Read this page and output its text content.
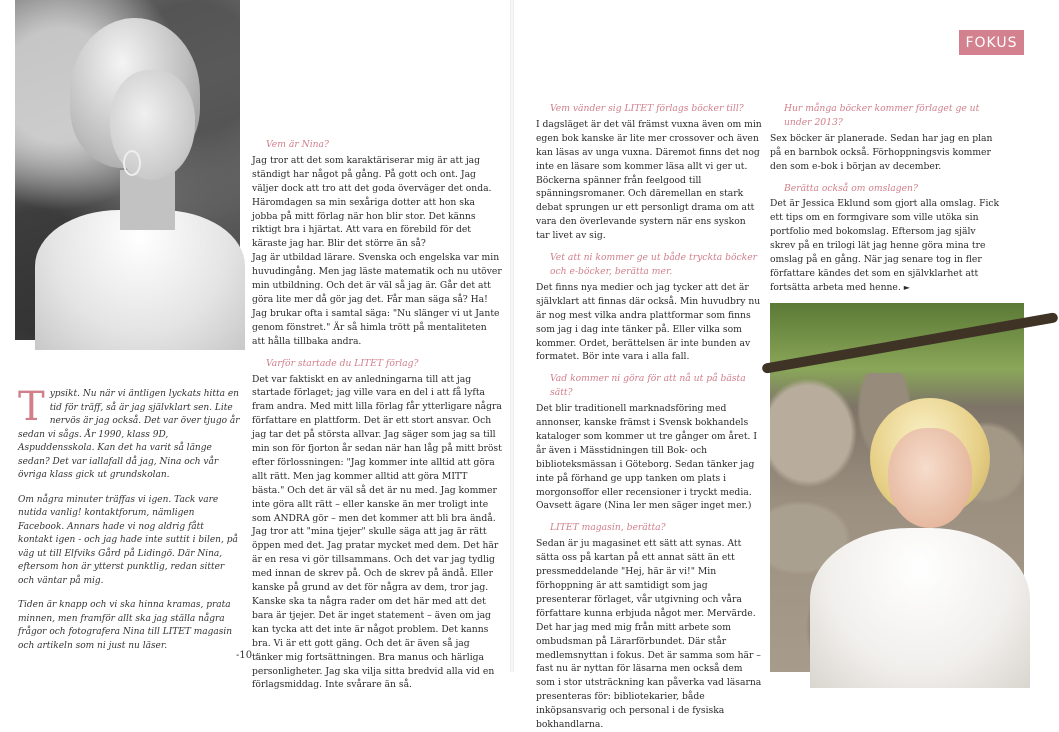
FOKUS

Typsikt. Nu när vi äntligen lyckats hitta en tid för träff, så är jag självklart sen. Lite nervös är jag också. Det var över tjugo år sedan vi sågs. År 1990, klass 9D, Aspuddensskola. Kan det ha varit så länge sedan? Det var iallafall då jag, Nina och vår övriga klass gick ut grundskolan.

Om några minuter träffas vi igen. Tack vare nutida vanlig! kontaktforum, nämligen Facebook. Annars hade vi nog aldrig fått kontakt igen - och jag hade inte suttit i bilen, på väg ut till Elfviks Gård på Lidingö. Där Nina, eftersom hon är ytterst punktlig, redan sitter och väntar på mig.

Tiden är knapp och vi ska hinna kramas, prata minnen, men framför allt ska jag ställa några frågor och fotografera Nina till LITET magasin och artikeln som ni just nu läser.

-10 -

Vem är Nina?

Jag tror att det som karaktäriserar mig är att jag ständigt har något på gång. På gott och ont. Jag väljer dock att tro att det goda överväger det onda. Häromdagen sa min sexåriga dotter att hon ska jobba på mitt förlag när hon blir stor. Det känns riktigt bra i hjärtat. Att vara en förebild för det käraste jag har. Blir det större än så?

Jag är utbildad lärare. Svenska och engelska var min huvudingång. Men jag läste matematik och nu utöver min utbildning. Och det är väl så jag är. Går det att göra lite mer då gör jag det. Får man säga så? Ha! Jag brukar ofta i samtal säga: "Nu slänger vi ut Jante genom fönstret." Är så himla trött på mentaliteten att hålla tillbaka andra.

Varför startade du LITET förlag?

Det var faktiskt en av anledningarna till att jag startade förlaget; jag ville vara en del i att få lyfta fram andra. Med mitt lilla förlag får ytterligare några författare en plattform. Det är ett stort ansvar. Och jag tar det på största allvar. Jag säger som jag sa till min son för fjorton år sedan när han låg på mitt bröst efter förlossningen: "Jag kommer inte alltid att göra allt rätt. Men jag kommer alltid att göra MITT bästa." Och det är väl så det är nu med. Jag kommer inte göra allt rätt – eller kanske än mer troligt inte som ANDRA gör – men det kommer att bli bra ändå. Jag tror att "mina tjejer" skulle säga att jag är rätt öppen med det. Jag pratar mycket med dem. Det här är en resa vi gör tillsammans. Och det var jag tydlig med innan de skrev på. Och de skrev på ändå. Eller kanske på grund av det för några av dem, tror jag.

Kanske ska ta några rader om det här med att det bara är tjejer. Det är inget statement – även om jag kan tycka att det inte är något problem. Det kanns bra. Vi är ett gott gäng. Och det är även så jag tänker mig fortsättningen. Bra manus och härliga personligheter. Jag ska vilja sitta bredvid alla vid en förlagsmiddag. Inte svårare än så.

Vem vänder sig LITET förlags böcker till?

I dagsläget är det väl främst vuxna även om min egen bok kanske är lite mer crossover och även kan läsas av unga vuxna. Däremot finns det nog inte en läsare som kommer läsa allt vi ger ut. Böckerna spänner från feelgood till spänningsromaner. Och däremellan en stark debat sprungen ur ett personligt drama om att vara den överlevande systern när ens syskon tar livet av sig.

Vet att ni kommer ge ut både tryckta böcker och e-böcker, berätta mer.

Det finns nya medier och jag tycker att det är självklart att finnas där också. Min huvudbry nu är nog mest vilka andra plattformar som finns som jag i dag inte tänker på. Eller vilka som kommer. Ordet, berättelsen är inte bunden av formatet. Bör inte vara i alla fall.

Vad kommer ni göra för att nå ut på bästa sätt?

Det blir traditionell marknadsföring med annonser, kanske främst i Svensk bokhandels kataloger som kommer ut tre gånger om året. I år även i Mässtidningen till Bok- och biblioteksmässan i Göteborg. Sedan tänker jag inte på förhand ge upp tanken om plats i morgonsoffor eller recensioner i tryckt media. Oavsett ägare (Nina ler men säger inget mer.)

LITET magasin, berätta?

Sedan är ju magasinet ett sätt att synas. Att sätta oss på kartan på ett annat sätt än ett pressmeddelande "Hej, här är vi!" Min förhoppning är att samtidigt som jag presenterar förlaget, vår utgivning och våra författare kunna erbjuda något mer. Mervärde. Det har jag med mig från mitt arbete som ombudsman på Lärarförbundet. Där står medlemsnyttan i fokus. Det är samma som här – fast nu är nyttan för läsarna men också dem som i stor utsträckning kan påverka vad läsarna presenteras för: bibliotekarier, både inköpsansvarig och personal i de fysiska bokhandlarna.

Hur många böcker kommer förlaget ge ut under 2013?

Sex böcker är planerade. Sedan har jag en plan på en barnbok också. Förhoppningsvis kommer den som e-bok i början av december.

Berätta också om omslagen?

Det är Jessica Eklund som gjort alla omslag. Fick ett tips om en formgivare som ville utöka sin portfolio med bokomslag. Eftersom jag själv skrev på en trilogi lät jag henne göra mina tre omslag på en gång. När jag senare tog in fler författare kändes det som en självklarhet att fortsätta arbeta med henne. ►
